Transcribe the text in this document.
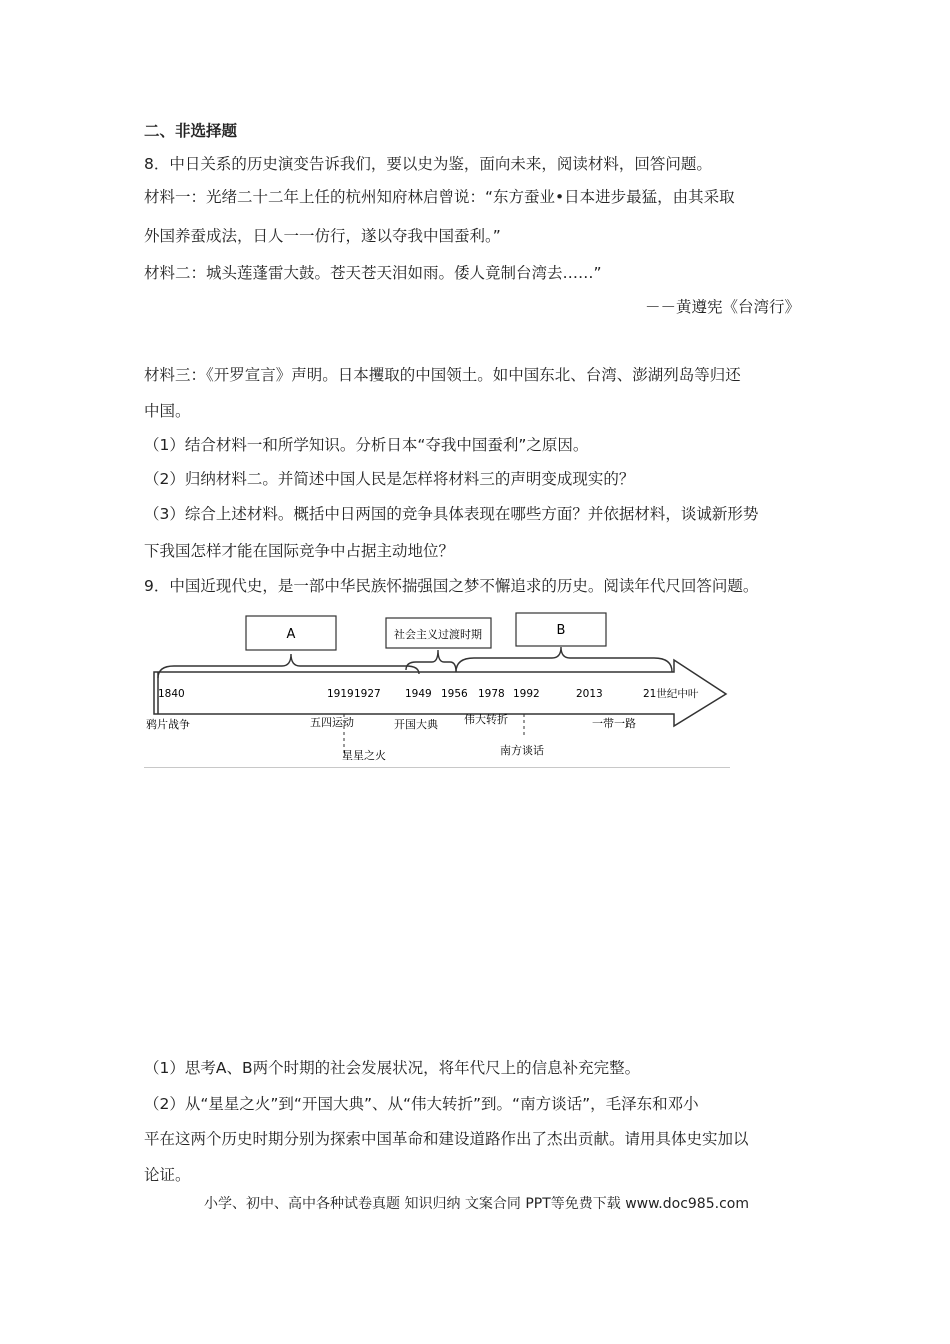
二、非选择题
8．中日关系的历史演变告诉我们，要以史为鉴，面向未来，阅读材料，回答问题。
材料一：光绪二十二年上任的杭州知府林启曾说：“东方蚕业•日本进步最猛，由其采取
外国养蚕成法，日人一一仿行，遂以夺我中国蚕利。”
材料二：城头莲蓬雷大鼓。苍天苍天泪如雨。倭人竟制台湾去……”
－－黄遵宪《台湾行》
材料三：《开罗宣言》声明。日本攫取的中国领土。如中国东北、台湾、澎湖列岛等归还
中国。
（1）结合材料一和所学知识。分析日本“夺我中国蚕利”之原因。
（2）归纳材料二。并简述中国人民是怎样将材料三的声明变成现实的？
（3）综合上述材料。概括中日两国的竞争具体表现在哪些方面？并依据材料，谈诚新形势
下我国怎样才能在国际竞争中占据主动地位？
9．中国近现代史，是一部中华民族怀揣强国之梦不懈追求的历史。阅读年代尺回答问题。
A	社会主义过渡时期	B
1840	1919 1927 1949 1956 1978 1992	2013	21世纪中叶
鸦片战争	五四运动
星星之火
开国大典 伟大转折
南方谈话
一带一路
（1）思考A、B两个时期的社会发展状况，将年代尺上的信息补充完整。
（2）从“星星之火”到“开国大典”、从“伟大转折”到。“南方谈话”，毛泽东和邓小
平在这两个历史时期分别为探索中国革命和建设道路作出了杰出贡献。请用具体史实加以
论证。
小学、初中、高中各种试卷真题 知识归纳 文案合同 PPT等免费下载 www.doc985.com
